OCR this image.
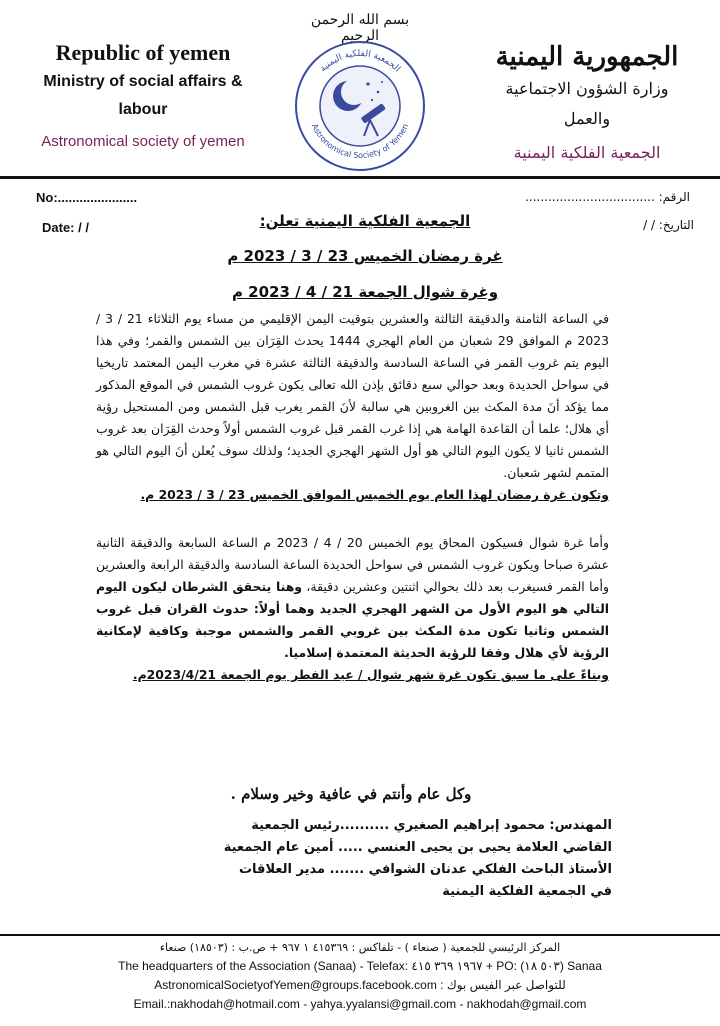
بسم الله الرحمن الرحيم
Republic of yemen
Ministry of social affairs & labour
Astronomical society of yemen
الجمهورية اليمنية
وزارة الشؤون الاجتماعية والعمل
الجمعية الفلكية اليمنية
الجمعية الفلكية اليمنية
Astronomical Society of Yemen
No:......................
Date: / /
الرقم: ..................................
التاريخ: / /
الجمعية الفلكية اليمنية تعلن:
غرة رمضان الخميس 23 / 3 / 2023 م
وغرة شوال الجمعة 21 / 4 / 2023 م

في الساعة الثامنة والدقيقة الثالثة والعشرين بتوقيت اليمن الإقليمي من مساء يوم الثلاثاء 21 / 3 / 2023 م الموافق 29 شعبان من العام الهجري 1444 يحدث القِرَان بين الشمس والقمر؛ وفي هذا اليوم يتم غروب القمر في الساعة السادسة والدقيقة الثالثة عشرة في مغرب اليمن المعتمد تاريخيا في سواحل الحديدة وبعد حوالي سبع دقائق بإذن الله تعالى يكون غروب الشمس في الموقع المذكور مما يؤكد أنَ مدة المكث بين الغروبين هي سالبة لأنَ القمر يغرب قبل الشمس ومن المستحيل رؤية أي هلال؛ علما أن القاعدة الهامة هي إذا غرب القمر قبل غروب الشمس أولاً وحدث القِرَان بعد غروب الشمس ثانيا لا يكون اليوم التالي هو أول الشهر الهجري الجديد؛ ولذلك سوف يُعلن أنَ اليوم التالي هو المتمم لشهر شعبان.

وتكون غرة رمضان لهذا العام يوم الخميس الموافق الخميس 23 / 3 / 2023 م.

وأما غرة شوال فسيكون المحاق يوم الخميس 20 / 4 / 2023 م الساعة السابعة والدقيقة الثانية عشرة صباحا ويكون غروب الشمس في سواحل الحديدة الساعة السادسة والدقيقة الرابعة والعشرين وأما القمر فسيغرب بعد ذلك بحوالي اثنتين وعشرين دقيقة، وهنا يتحقق الشرطان ليكون اليوم التالي هو اليوم الأول من الشهر الهجري الجديد وهما أولاً: حدوث القران قبل غروب الشمس وثانيا تكون مدة المكث بين غروبي القمر والشمس موجبة وكافية لإمكانية الرؤية لأي هلال وفقا للرؤية الحديثة المعتمدة إسلاميا.

وبناءً على ما سبق تكون غرة شهر شوال / عيد الفطر يوم الجمعة 2023/4/21م.

وكل عام وأنتم في عافية وخير وسلام .
المهندس: محمود إبراهيم الصغيري ..........رئيس الجمعية
القاضي العلامة يحيى بن يحيى العنسي ..... أمين عام الجمعية
الأستاذ الباحث الفلكي عدنان الشوافي ....... مدير العلاقات
في الجمعية الفلكية اليمنية
المركز الرئيسي للجمعية ( صنعاء ) - تلفاكس : ٤١٥٣٦٩ ١ ٩٦٧ + ص.ب : (١٨٥٠٣) صنعاء
The headquarters of the Association (Sanaa) - Telefax: ١٩٦٧ ٣٦٩ ٤١٥ + PO: (٥٠٣ ١٨) Sanaa
AstronomicalSocietyofYemen@groups.facebook.com : للتواصل عبر الفيس بوك
Email.:nakhodah@hotmail.com - yahya.yyalansi@gmail.com - nakhodah@gmail.com
